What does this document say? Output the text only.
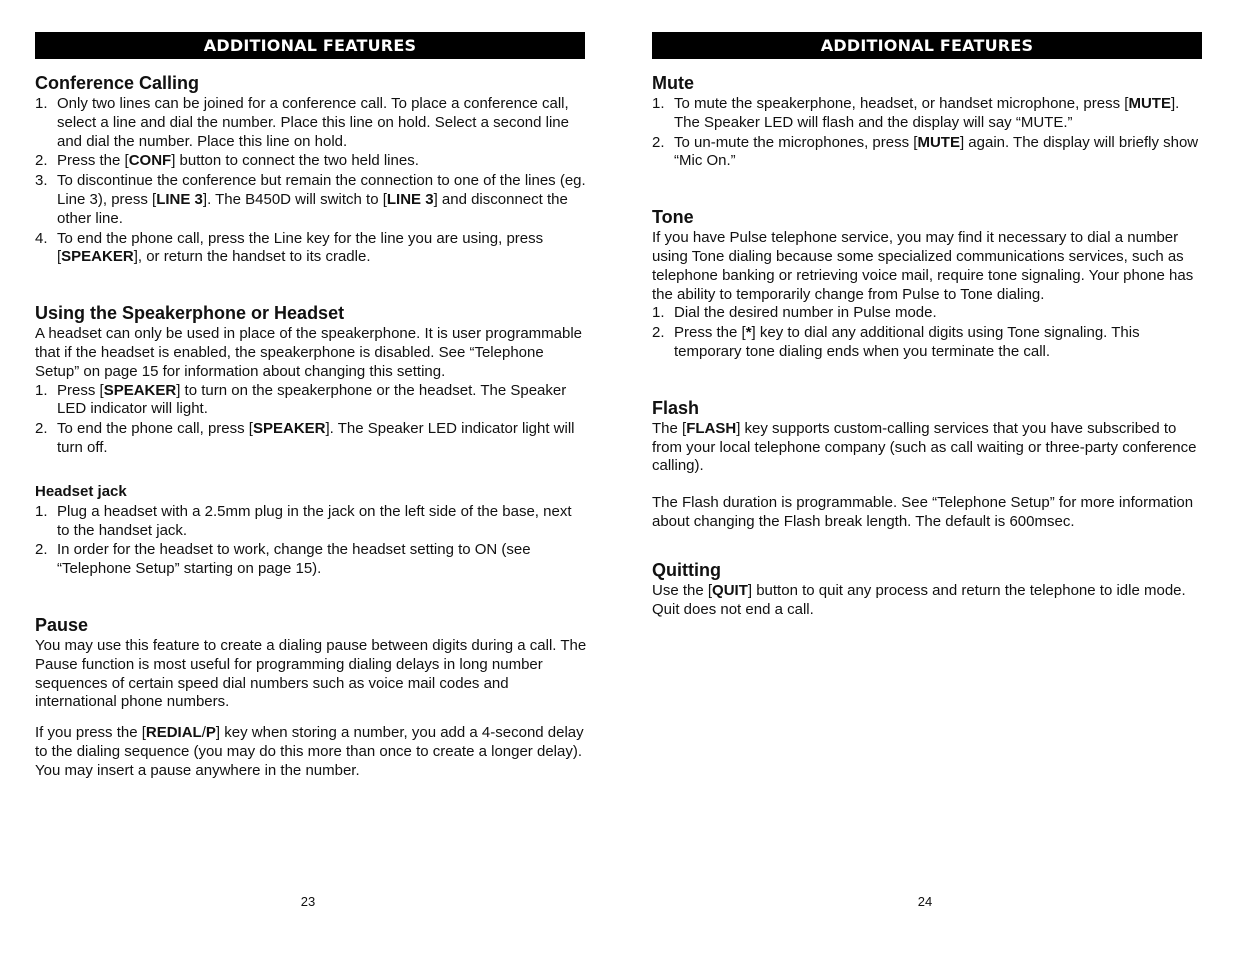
ADDITIONAL FEATURES
Conference Calling
1. Only two lines can be joined for a conference call. To place a conference call, select a line and dial the number. Place this line on hold. Select a second line and dial the number. Place this line on hold.
2. Press the [CONF] button to connect the two held lines.
3. To discontinue the conference but remain the connection to one of the lines (eg. Line 3), press [LINE 3]. The B450D will switch to [LINE 3] and disconnect the other line.
4. To end the phone call, press the Line key for the line you are using, press [SPEAKER], or return the handset to its cradle.
Using the Speakerphone or Headset

A headset can only be used in place of the speakerphone. It is user programmable that if the headset is enabled, the speakerphone is disabled. See “Telephone Setup” on page 15 for information about changing this setting.

1. Press [SPEAKER] to turn on the speakerphone or the headset. The Speaker LED indicator will light.
2. To end the phone call, press [SPEAKER]. The Speaker LED indicator light will turn off.
Headset jack
1. Plug a headset with a 2.5mm plug in the jack on the left side of the base, next to the handset jack.
2. In order for the headset to work, change the headset setting to ON (see “Telephone Setup” starting on page 15).
Pause

You may use this feature to create a dialing pause between digits during a call. The Pause function is most useful for programming dialing delays in long number sequences of certain speed dial numbers such as voice mail codes and international phone numbers.

If you press the [REDIAL/P] key when storing a number, you add a 4-second delay to the dialing sequence (you may do this more than once to create a longer delay). You may insert a pause anywhere in the number.

23
ADDITIONAL FEATURES
Mute
1. To mute the speakerphone, headset, or handset microphone, press [MUTE]. The Speaker LED will flash and the display will say “MUTE.”
2. To un-mute the microphones, press [MUTE] again. The display will briefly show “Mic On.”
Tone

If you have Pulse telephone service, you may find it necessary to dial a number using Tone dialing because some specialized communications services, such as telephone banking or retrieving voice mail, require tone signaling. Your phone has the ability to temporarily change from Pulse to Tone dialing.

1. Dial the desired number in Pulse mode.
2. Press the [*] key to dial any additional digits using Tone signaling. This temporary tone dialing ends when you terminate the call.
Flash

The [FLASH] key supports custom-calling services that you have subscribed to from your local telephone company (such as call waiting or three-party conference calling).

The Flash duration is programmable. See “Telephone Setup” for more information about changing the Flash break length. The default is 600msec.

Quitting

Use the [QUIT] button to quit any process and return the telephone to idle mode. Quit does not end a call.

24
